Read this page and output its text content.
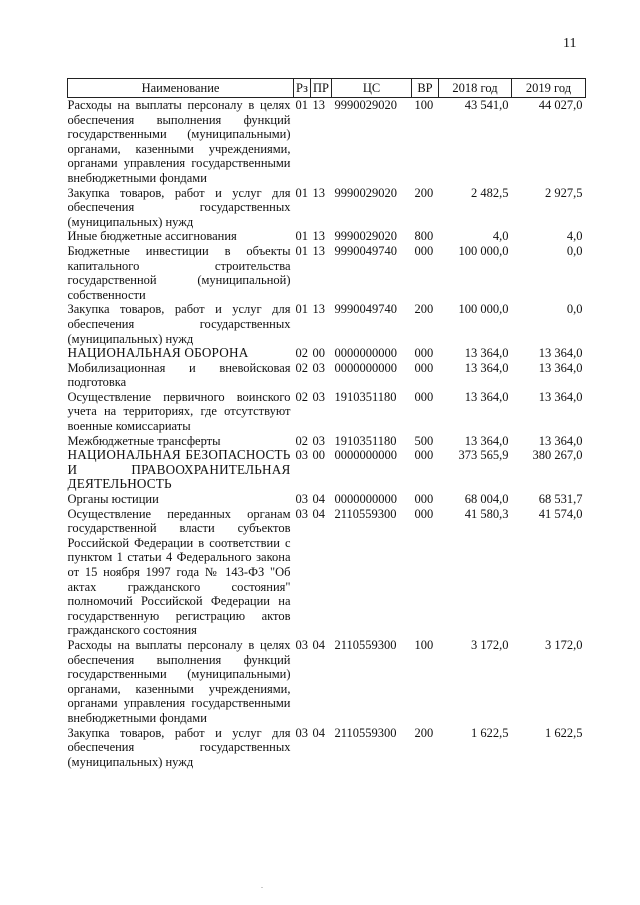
11
Наименование	Рз	ПР	ЦС	ВР	2018 год	2019 год
Расходы на выплаты персоналу в целях обеспечения выполнения функций государственными (муниципальными) органами, казенными учреждениями, органами управления государственными внебюджетными фондами	01	13	9990029020	100	43 541,0	44 027,0
Закупка товаров, работ и услуг для обеспечения государственных (муниципальных) нужд	01	13	9990029020	200	2 482,5	2 927,5
Иные бюджетные ассигнования	01	13	9990029020	800	4,0	4,0
Бюджетные инвестиции в объекты капитального строительства государственной (муниципальной) собственности	01	13	9990049740	000	100 000,0	0,0
Закупка товаров, работ и услуг для обеспечения государственных (муниципальных) нужд	01	13	9990049740	200	100 000,0	0,0
НАЦИОНАЛЬНАЯ ОБОРОНА	02	00	0000000000	000	13 364,0	13 364,0
Мобилизационная и вневойсковая подготовка	02	03	0000000000	000	13 364,0	13 364,0
Осуществление первичного воинского учета на территориях, где отсутствуют военные комиссариаты	02	03	1910351180	000	13 364,0	13 364,0
Межбюджетные трансферты	02	03	1910351180	500	13 364,0	13 364,0
НАЦИОНАЛЬНАЯ БЕЗОПАСНОСТЬ И ПРАВООХРАНИТЕЛЬНАЯ ДЕЯТЕЛЬНОСТЬ	03	00	0000000000	000	373 565,9	380 267,0
Органы юстиции	03	04	0000000000	000	68 004,0	68 531,7
Осуществление переданных органам государственной власти субъектов Российской Федерации в соответствии с пунктом 1 статьи 4 Федерального закона от 15 ноября 1997 года № 143-ФЗ "Об актах гражданского состояния" полномочий Российской Федерации на государственную регистрацию актов гражданского состояния	03	04	2110559300	000	41 580,3	41 574,0
Расходы на выплаты персоналу в целях обеспечения выполнения функций государственными (муниципальными) органами, казенными учреждениями, органами управления государственными внебюджетными фондами	03	04	2110559300	100	3 172,0	3 172,0
Закупка товаров, работ и услуг для обеспечения государственных (муниципальных) нужд	03	04	2110559300	200	1 622,5	1 622,5
.
